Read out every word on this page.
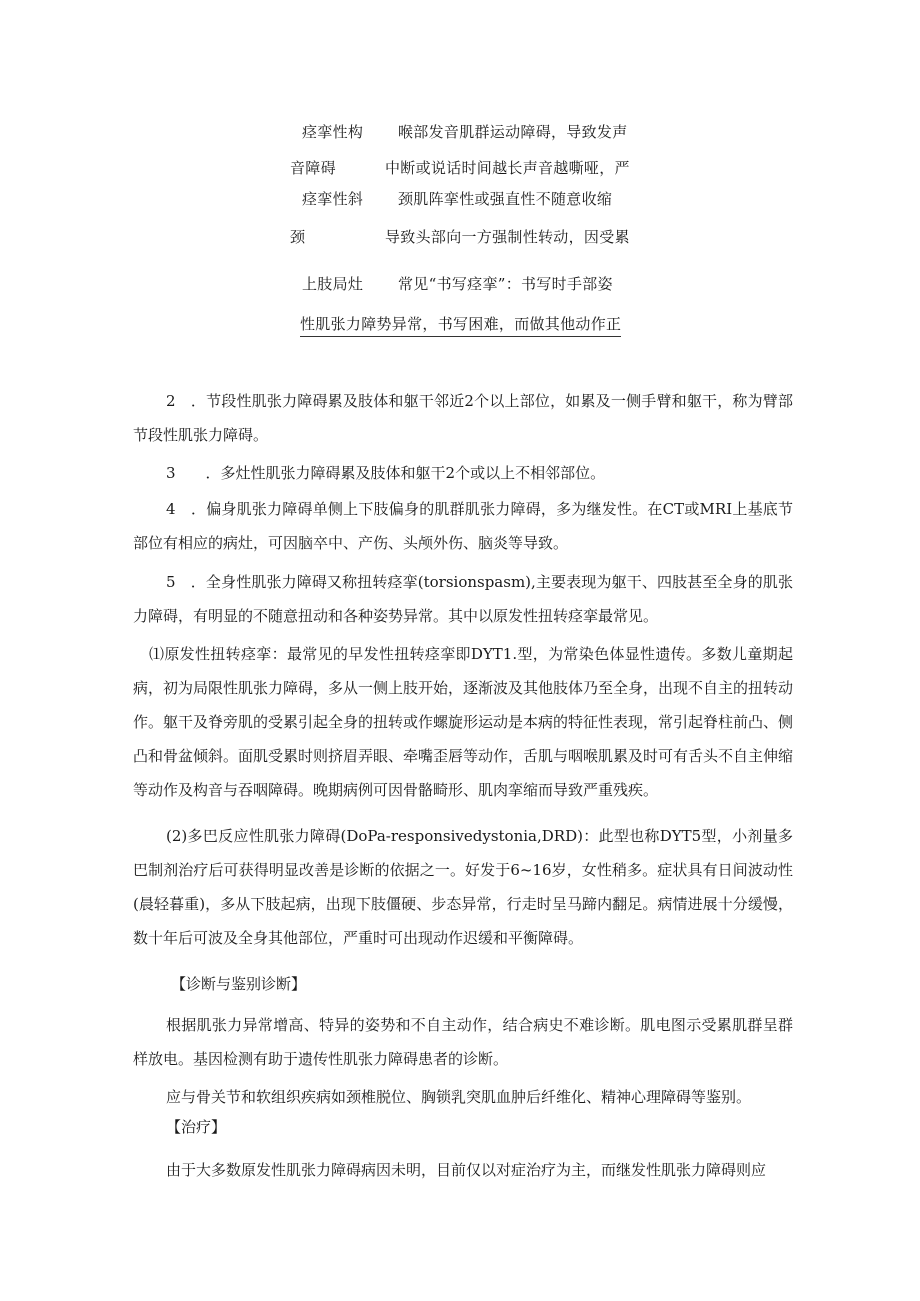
痉挛性构 喉部发音肌群运动障碍，导致发声
音障碍	中断或说话时间越长声音越嘶哑，严
痉挛性斜 颈肌阵挛性或强直性不随意收缩
颈	导致头部向一方强制性转动，因受累
上肢局灶 常见“书写痉挛”：书写时手部姿
性肌张力障势异常，书写困难，而做其他动作正

2　．节段性肌张力障碍累及肢体和躯干邻近2个以上部位，如累及一侧手臂和躯干，称为臂部节段性肌张力障碍。

3　　．多灶性肌张力障碍累及肢体和躯干2个或以上不相邻部位。

4　．偏身肌张力障碍单侧上下肢偏身的肌群肌张力障碍，多为继发性。在CT或MRI上基底节部位有相应的病灶，可因脑卒中、产伤、头颅外伤、脑炎等导致。

5　．全身性肌张力障碍又称扭转痉挛(torsionspasm),主要表现为躯干、四肢甚至全身的肌张力障碍，有明显的不随意扭动和各种姿势异常。其中以原发性扭转痉挛最常见。

⑴原发性扭转痉挛：最常见的早发性扭转痉挛即DYT1.型，为常染色体显性遗传。多数儿童期起病，初为局限性肌张力障碍，多从一侧上肢开始，逐渐波及其他肢体乃至全身，出现不自主的扭转动作。躯干及脊旁肌的受累引起全身的扭转或作螺旋形运动是本病的特征性表现，常引起脊柱前凸、侧凸和骨盆倾斜。面肌受累时则挤眉弄眼、牵嘴歪唇等动作，舌肌与咽喉肌累及时可有舌头不自主伸缩等动作及构音与吞咽障碍。晚期病例可因骨骼畸形、肌肉挛缩而导致严重残疾。

(2)多巴反应性肌张力障碍(DoPa-responsivedystonia,DRD)：此型也称DYT5型，小剂量多巴制剂治疗后可获得明显改善是诊断的依据之一。好发于6~16岁，女性稍多。症状具有日间波动性(晨轻暮重)，多从下肢起病，出现下肢僵硬、步态异常，行走时呈马蹄内翻足。病情进展十分缓慢，数十年后可波及全身其他部位，严重时可出现动作迟缓和平衡障碍。

【诊断与鉴别诊断】

根据肌张力异常增高、特异的姿势和不自主动作，结合病史不难诊断。肌电图示受累肌群呈群样放电。基因检测有助于遗传性肌张力障碍患者的诊断。

应与骨关节和软组织疾病如颈椎脱位、胸锁乳突肌血肿后纤维化、精神心理障碍等鉴别。

【治疗】

由于大多数原发性肌张力障碍病因未明，目前仅以对症治疗为主，而继发性肌张力障碍则应
